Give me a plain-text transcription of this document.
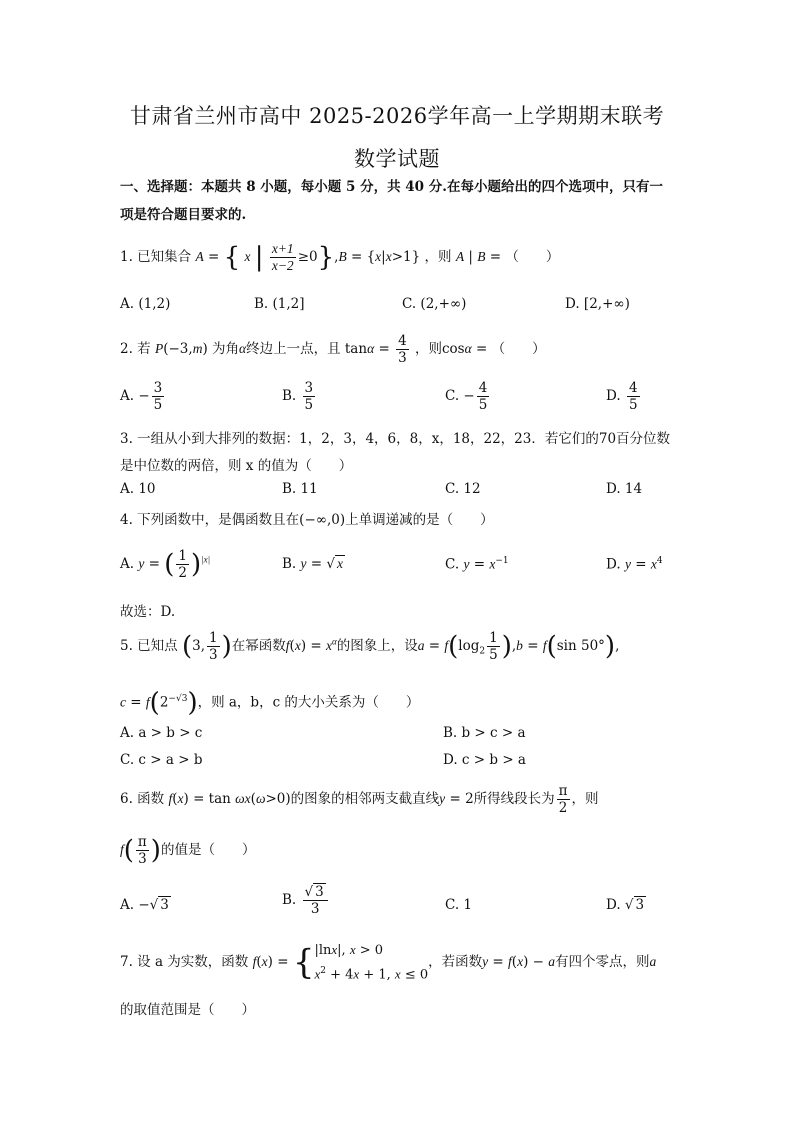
甘肃省兰州市高中 2025-2026学年高一上学期期末联考
数学试题
一、选择题：本题共 8 小题，每小题 5 分，共 40 分.在每小题给出的四个选项中，只有一
项是符合题目要求的.
1. 已知集合 A = { x | $\frac{x+1}{x-2} \ge 0\},B = \{x|x>1\}$ ，则 A | B = （　　）
A. (1,2)	B. (1,2]	C. (2,+∞)	D. [2,+∞)
2. 若 P(−3,m) 为角α终边上一点，且 $\tan\alpha = \frac{4}{3}$ ，则cosα = （　　）
A. − $\frac{3}{5}$	B. $\frac{3}{5}$	C. − $\frac{4}{5}$	D. $\frac{4}{5}$
3. 一组从小到大排列的数据：1，2，3，4，6，8，x，18，22，23．若它们的70百分位数
是中位数的两倍，则 x 的值为（　　）
A. 10	B. 11	C. 12	D. 14
4. 下列函数中，是偶函数且在(−∞,0)上单调递减的是（　　）
A. y = ( $\frac{1}{2} )^{|x|}$	B. y = √ x	C. $y = x^{-1}$	D. $y = x^4$
故选：D.
5. 已知点 (3, $\frac{1}{3}$ )在幂函数$f(x) = x^\alpha$的图象上，设$a = f(\log_2 \frac{1}{5} ),b = f(\sin$ 50°),
$c = f(2^{-√3})$，则 a，b，c 的大小关系为（　　）
A. a > b > c	B. b > c > a
C. c > a > b	D. c > b > a
6. 函数 f(x) = tan ωx(ω>0)的图象的相邻两支截直线y = 2所得线段长为 $\frac{\pi}{2}$ ，则
$f( \frac{\pi}{3}$ )的值是（　　）
A. −√ 3	B. $\frac{√ 3}{3}$	C. 1	D. √ 3
7. 设 a 为实数，函数 f(x) = { |lnx|, x > 0
$x^2 + 4x + 1$, x ≤ 0
，若函数y = f(x) − a有四个零点，则a
的取值范围是（　　）
